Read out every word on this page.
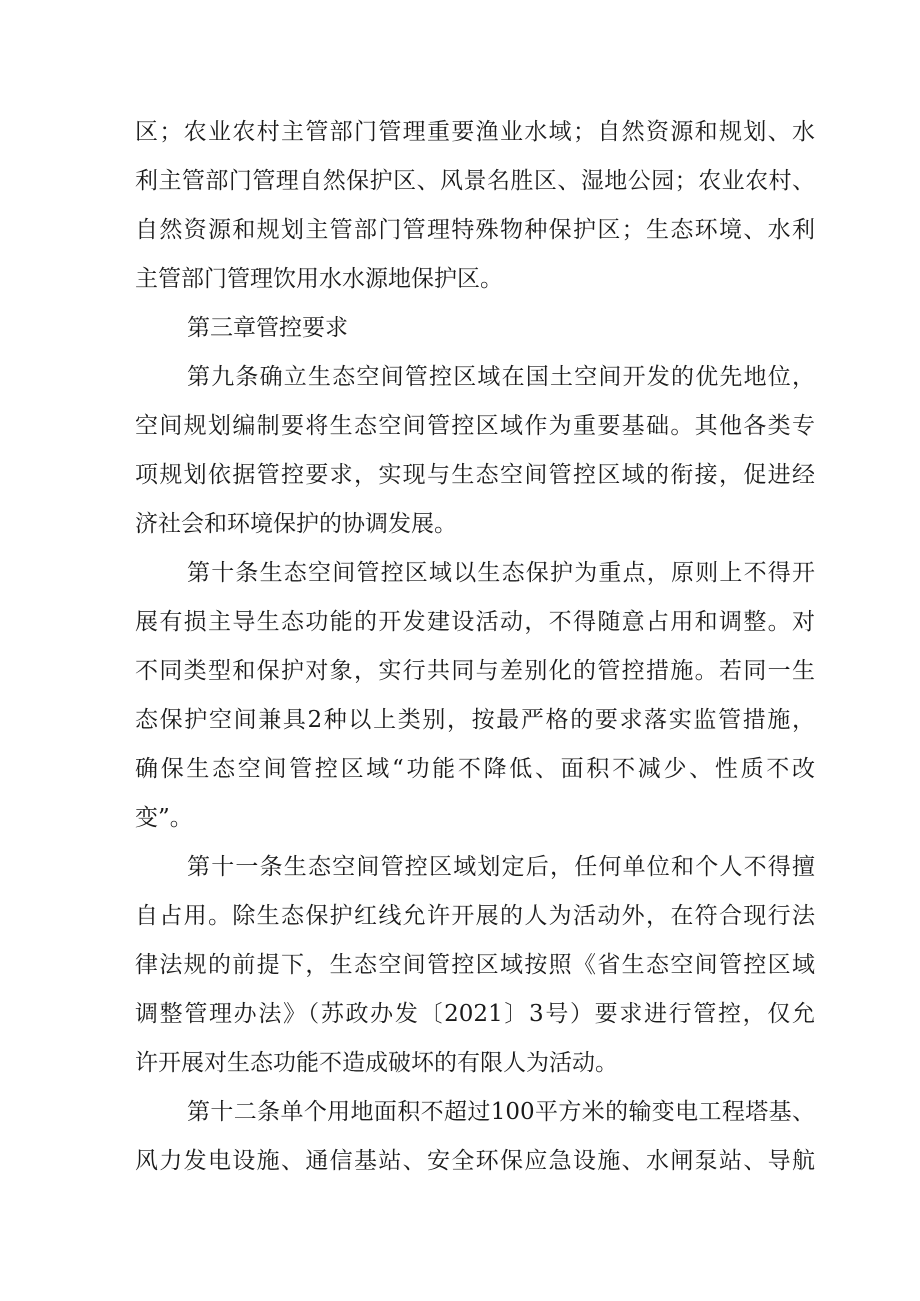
区；农业农村主管部门管理重要渔业水域；自然资源和规划、水
利主管部门管理自然保护区、风景名胜区、湿地公园；农业农村、
自然资源和规划主管部门管理特殊物种保护区；生态环境、水利
主管部门管理饮用水水源地保护区。
第三章管控要求
第九条确立生态空间管控区域在国土空间开发的优先地位，
空间规划编制要将生态空间管控区域作为重要基础。其他各类专
项规划依据管控要求，实现与生态空间管控区域的衔接，促进经
济社会和环境保护的协调发展。
第十条生态空间管控区域以生态保护为重点，原则上不得开
展有损主导生态功能的开发建设活动，不得随意占用和调整。对
不同类型和保护对象，实行共同与差别化的管控措施。若同一生
态保护空间兼具2种以上类别，按最严格的要求落实监管措施，
确保生态空间管控区域“功能不降低、面积不减少、性质不改
变”。
第十一条生态空间管控区域划定后，任何单位和个人不得擅
自占用。除生态保护红线允许开展的人为活动外，在符合现行法
律法规的前提下，生态空间管控区域按照《省生态空间管控区域
调整管理办法》（苏政办发〔2021〕3号）要求进行管控，仅允
许开展对生态功能不造成破坏的有限人为活动。
第十二条单个用地面积不超过100平方米的输变电工程塔基、
风力发电设施、通信基站、安全环保应急设施、水闸泵站、导航
